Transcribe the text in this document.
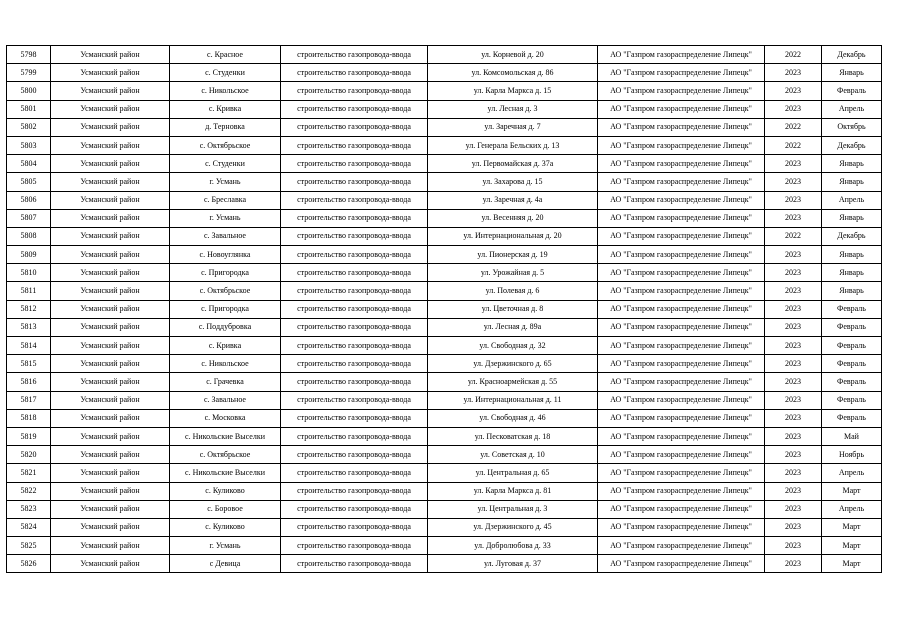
5798	Усманский район	с. Красное	строительство газопровода-ввода	ул. Корневой д. 20	АО "Газпром газораспределение Липецк"	2022	Декабрь
5799	Усманский район	с. Студенки	строительство газопровода-ввода	ул. Комсомольская д. 86	АО "Газпром газораспределение Липецк"	2023	Январь
5800	Усманский район	с. Никольское	строительство газопровода-ввода	ул. Карла Маркса д. 15	АО "Газпром газораспределение Липецк"	2023	Февраль
5801	Усманский район	с. Кривка	строительство газопровода-ввода	ул. Лесная д. 3	АО "Газпром газораспределение Липецк"	2023	Апрель
5802	Усманский район	д. Терновка	строительство газопровода-ввода	ул. Заречная д. 7	АО "Газпром газораспределение Липецк"	2022	Октябрь
5803	Усманский район	с. Октябрьское	строительство газопровода-ввода	ул. Генерала Бельских д. 13	АО "Газпром газораспределение Липецк"	2022	Декабрь
5804	Усманский район	с. Студенки	строительство газопровода-ввода	ул. Первомайская д. 37а	АО "Газпром газораспределение Липецк"	2023	Январь
5805	Усманский район	г. Усмань	строительство газопровода-ввода	ул. Захарова д. 15	АО "Газпром газораспределение Липецк"	2023	Январь
5806	Усманский район	с. Бреславка	строительство газопровода-ввода	ул. Заречная д. 4а	АО "Газпром газораспределение Липецк"	2023	Апрель
5807	Усманский район	г. Усмань	строительство газопровода-ввода	ул. Весенняя д. 20	АО "Газпром газораспределение Липецк"	2023	Январь
5808	Усманский район	с. Завальное	строительство газопровода-ввода	ул. Интернациональная д. 20	АО "Газпром газораспределение Липецк"	2022	Декабрь
5809	Усманский район	с. Новоуглянка	строительство газопровода-ввода	ул. Пионерская д. 19	АО "Газпром газораспределение Липецк"	2023	Январь
5810	Усманский район	с. Пригородка	строительство газопровода-ввода	ул. Урожайная д. 5	АО "Газпром газораспределение Липецк"	2023	Январь
5811	Усманский район	с. Октябрьское	строительство газопровода-ввода	ул. Полевая д. 6	АО "Газпром газораспределение Липецк"	2023	Январь
5812	Усманский район	с. Пригородка	строительство газопровода-ввода	ул. Цветочная д. 8	АО "Газпром газораспределение Липецк"	2023	Февраль
5813	Усманский район	с. Поддубровка	строительство газопровода-ввода	ул. Лесная д. 89а	АО "Газпром газораспределение Липецк"	2023	Февраль
5814	Усманский район	с. Кривка	строительство газопровода-ввода	ул. Свободная д. 32	АО "Газпром газораспределение Липецк"	2023	Февраль
5815	Усманский район	с. Никольское	строительство газопровода-ввода	ул. Дзержинского д. 65	АО "Газпром газораспределение Липецк"	2023	Февраль
5816	Усманский район	с. Грачевка	строительство газопровода-ввода	ул. Красноармейская д. 55	АО "Газпром газораспределение Липецк"	2023	Февраль
5817	Усманский район	с. Завальное	строительство газопровода-ввода	ул. Интернациональная д. 11	АО "Газпром газораспределение Липецк"	2023	Февраль
5818	Усманский район	с. Московка	строительство газопровода-ввода	ул. Свободная д. 46	АО "Газпром газораспределение Липецк"	2023	Февраль
5819	Усманский район	с. Никольские Выселки	строительство газопровода-ввода	ул. Песковатская д. 18	АО "Газпром газораспределение Липецк"	2023	Май
5820	Усманский район	с. Октябрьское	строительство газопровода-ввода	ул. Советская д. 10	АО "Газпром газораспределение Липецк"	2023	Ноябрь
5821	Усманский район	с. Никольские Выселки	строительство газопровода-ввода	ул. Центральная д. 65	АО "Газпром газораспределение Липецк"	2023	Апрель
5822	Усманский район	с. Куликово	строительство газопровода-ввода	ул. Карла Маркса д. 81	АО "Газпром газораспределение Липецк"	2023	Март
5823	Усманский район	с. Боровое	строительство газопровода-ввода	ул. Центральная д. 3	АО "Газпром газораспределение Липецк"	2023	Апрель
5824	Усманский район	с. Куликово	строительство газопровода-ввода	ул. Дзержинского д. 45	АО "Газпром газораспределение Липецк"	2023	Март
5825	Усманский район	г. Усмань	строительство газопровода-ввода	ул. Добролюбова д. 33	АО "Газпром газораспределение Липецк"	2023	Март
5826	Усманский район	с Девица	строительство газопровода-ввода	ул. Луговая д. 37	АО "Газпром газораспределение Липецк"	2023	Март
